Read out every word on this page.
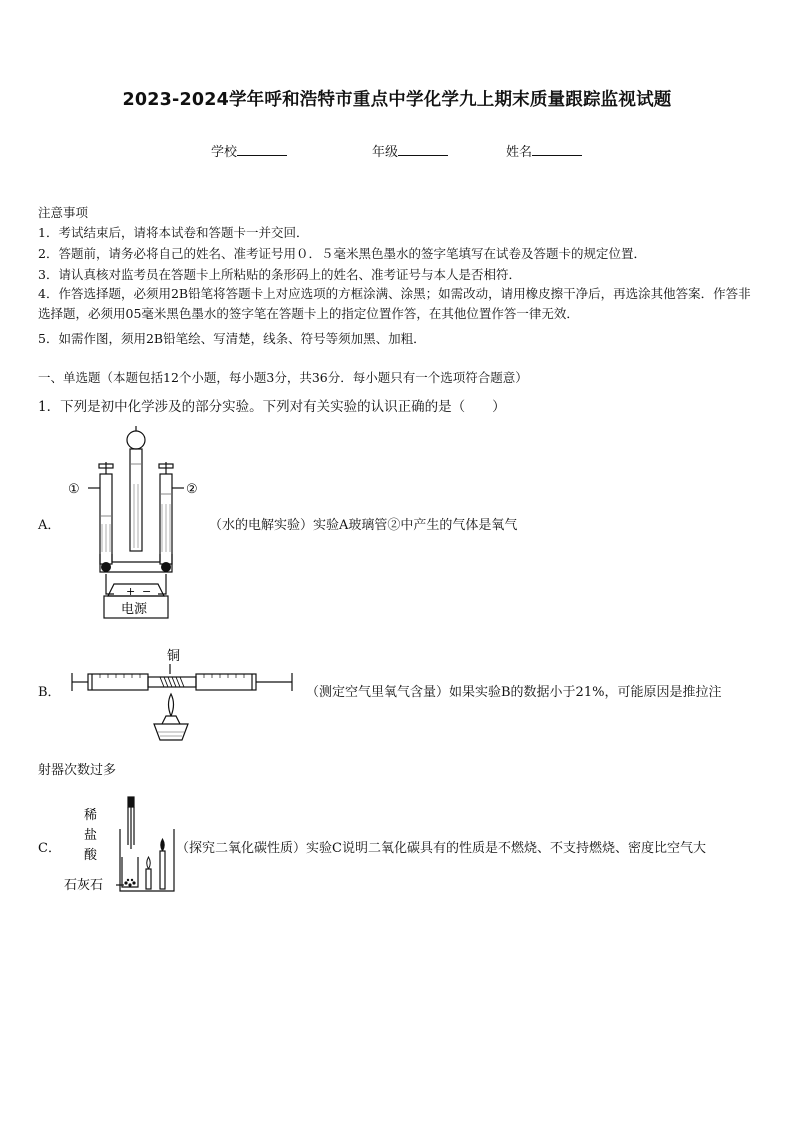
2023-2024学年呼和浩特市重点中学化学九上期末质量跟踪监视试题
学校	年级	姓名
注意事项
1．考试结束后，请将本试卷和答题卡一并交回．
2．答题前，请务必将自己的姓名、准考证号用０．５毫米黑色墨水的签字笔填写在试卷及答题卡的规定位置．
3．请认真核对监考员在答题卡上所粘贴的条形码上的姓名、准考证号与本人是否相符．
4．作答选择题，必须用2B铅笔将答题卡上对应选项的方框涂满、涂黑；如需改动，请用橡皮擦干净后，再选涂其他答案．作答非选择题，必须用05毫米黑色墨水的签字笔在答题卡上的指定位置作答，在其他位置作答一律无效．
5．如需作图，须用2B铅笔绘、写清楚，线条、符号等须加黑、加粗．
一、单选题（本题包括12个小题，每小题3分，共36分．每小题只有一个选项符合题意）
1．下列是初中化学涉及的部分实验。下列对有关实验的认识正确的是（　　）
A．
①	②
+ −
电源
（水的电解实验）实验A玻璃管②中产生的气体是氧气
B．
铜
（测定空气里氧气含量）如果实验B的数据小于21%，可能原因是推拉注
射器次数过多
C．
稀
盐
酸
石灰石
（探究二氧化碳性质）实验C说明二氧化碳具有的性质是不燃烧、不支持燃烧、密度比空气大
